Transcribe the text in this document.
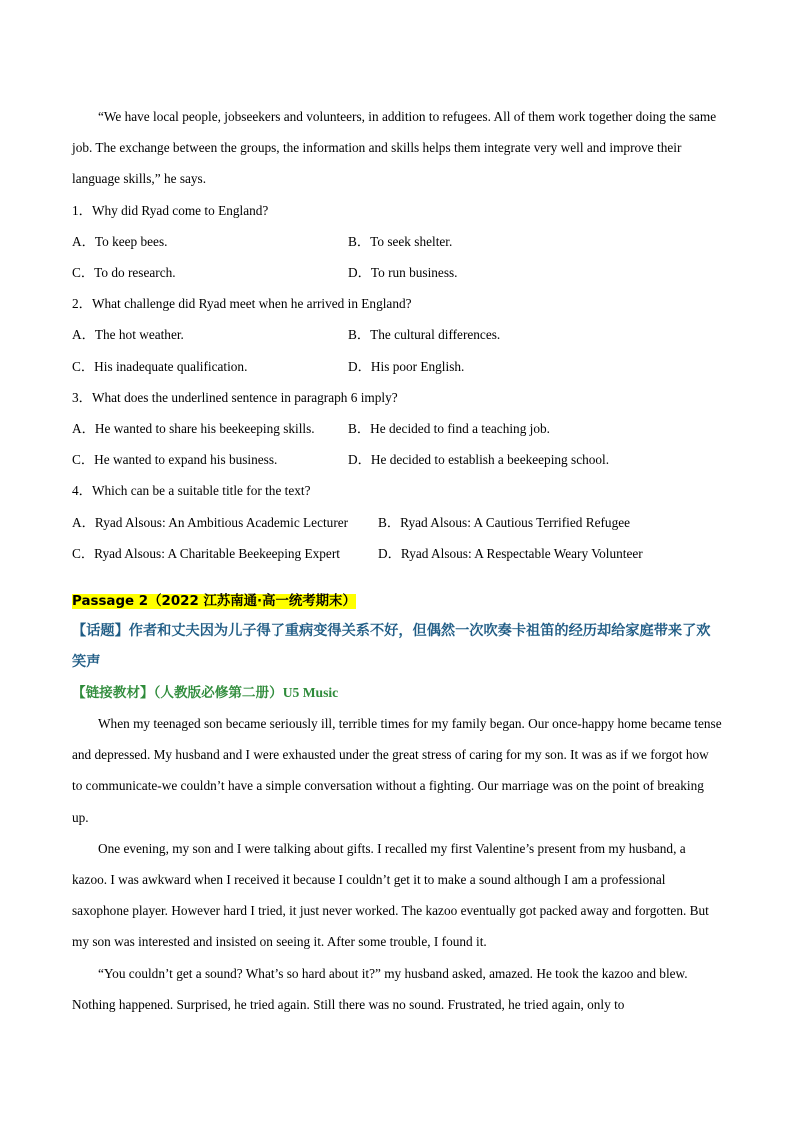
“We have local people, jobseekers and volunteers, in addition to refugees. All of them work together doing the same job. The exchange between the groups, the information and skills helps them integrate very well and improve their language skills,” he says.

1．Why did Ryad come to England?

A．To keep bees.	B．To seek shelter.
C．To do research.	D．To run business.

2．What challenge did Ryad meet when he arrived in England?

A．The hot weather.	B．The cultural differences.
C．His inadequate qualification.	D．His poor English.

3．What does the underlined sentence in paragraph 6 imply?

A．He wanted to share his beekeeping skills.	B．He decided to find a teaching job.
C．He wanted to expand his business.	D．He decided to establish a beekeeping school.

4．Which can be a suitable title for the text?

A．Ryad Alsous: An Ambitious Academic Lecturer	B．Ryad Alsous: A Cautious Terrified Refugee
C．Ryad Alsous: A Charitable Beekeeping Expert	D．Ryad Alsous: A Respectable Weary Volunteer

Passage 2（2022 江苏南通·高一统考期末）

【话题】作者和丈夫因为儿子得了重病变得关系不好，但偶然一次吹奏卡祖笛的经历却给家庭带来了欢笑声

【链接教材】（人教版必修第二册）U5 Music

When my teenaged son became seriously ill, terrible times for my family began. Our once-happy home became tense and depressed. My husband and I were exhausted under the great stress of caring for my son. It was as if we forgot how to communicate-we couldn’t have a simple conversation without a fighting. Our marriage was on the point of breaking up.

One evening, my son and I were talking about gifts. I recalled my first Valentine’s present from my husband, a kazoo. I was awkward when I received it because I couldn’t get it to make a sound although I am a professional saxophone player. However hard I tried, it just never worked. The kazoo eventually got packed away and forgotten. But my son was interested and insisted on seeing it. After some trouble, I found it.

“You couldn’t get a sound? What’s so hard about it?” my husband asked, amazed. He took the kazoo and blew. Nothing happened. Surprised, he tried again. Still there was no sound. Frustrated, he tried again, only to
